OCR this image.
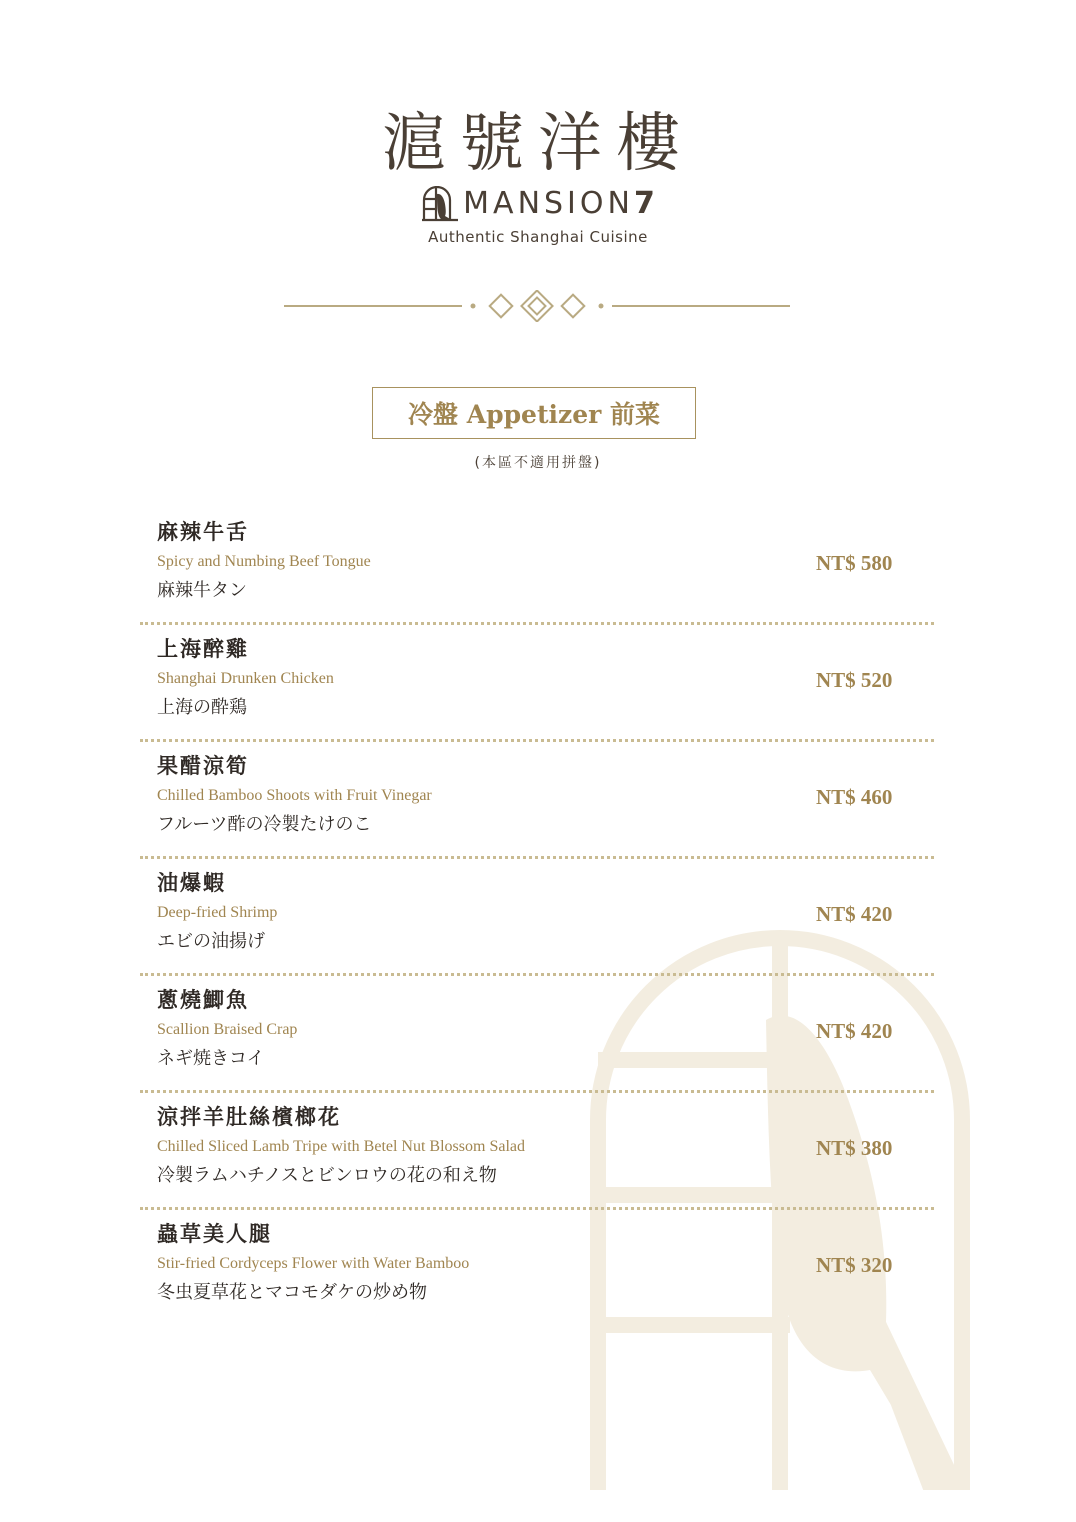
滬號洋樓
MANSION 7
Authentic Shanghai Cuisine
冷盤 Appetizer 前菜
(本區不適用拼盤)
麻辣牛舌
Spicy and Numbing Beef Tongue
麻辣牛タン
NT$ 580
上海醉雞
Shanghai Drunken Chicken
上海の酔鶏
NT$ 520
果醋涼筍
Chilled Bamboo Shoots with Fruit Vinegar
フルーツ酢の冷製たけのこ
NT$ 460
油爆蝦
Deep-fried Shrimp
エビの油揚げ
NT$ 420
蔥燒鯽魚
Scallion Braised Crap
ネギ焼きコイ
NT$ 420
涼拌羊肚絲檳榔花
Chilled Sliced Lamb Tripe with Betel Nut Blossom Salad
冷製ラムハチノスとビンロウの花の和え物
NT$ 380
蟲草美人腿
Stir-fried Cordyceps Flower with Water Bamboo
冬虫夏草花とマコモダケの炒め物
NT$ 320
